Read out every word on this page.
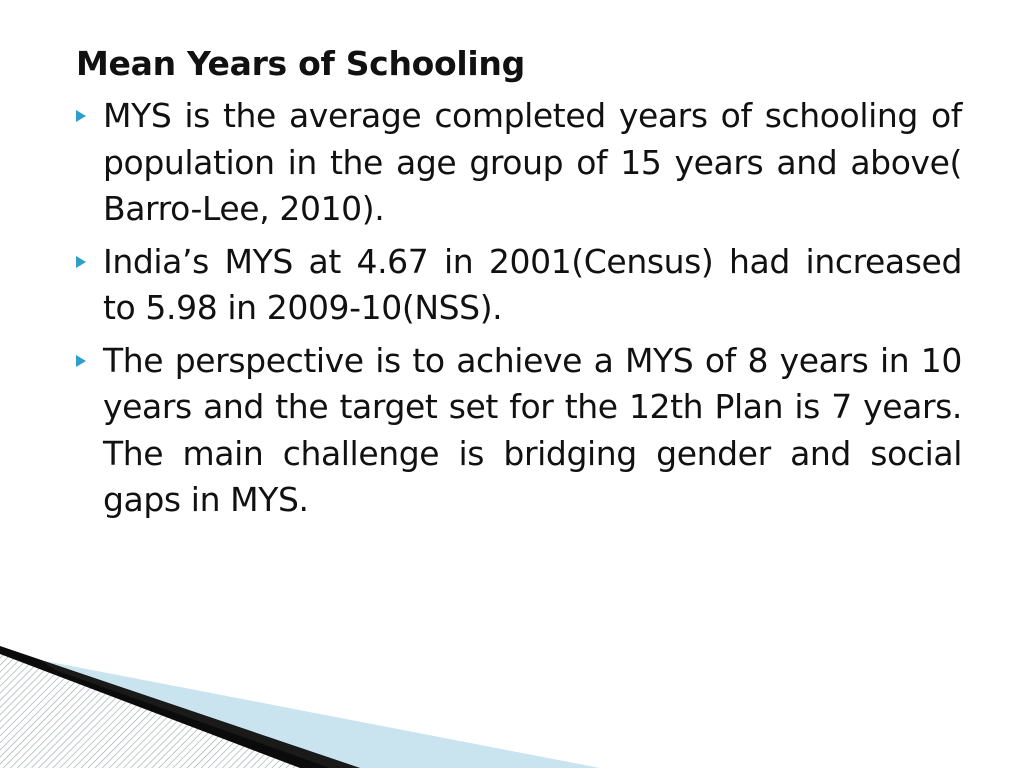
Mean Years of Schooling
MYS is the average completed years of schooling of population in the age group of 15 years and above( Barro-Lee, 2010).
India’s MYS at 4.67 in 2001(Census) had increased to 5.98 in 2009-10(NSS).
The perspective is to achieve a MYS of 8 years in 10 years and the target set for the 12th Plan is 7 years. The main challenge is bridging gender and social gaps in MYS.
